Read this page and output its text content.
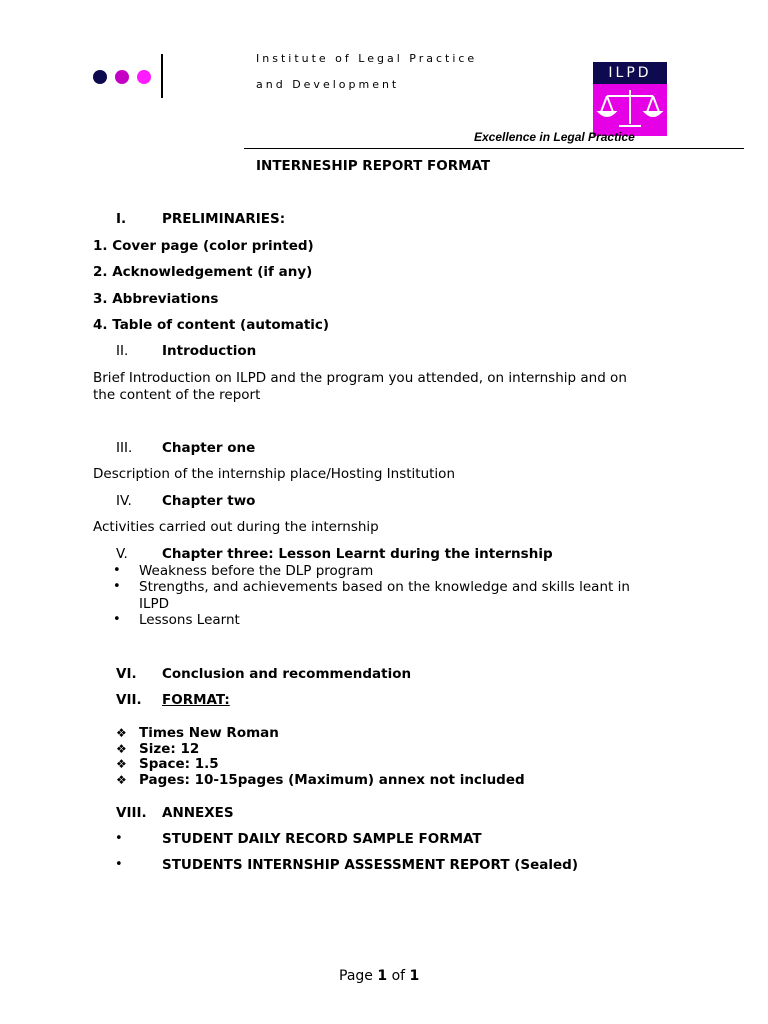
Institute of Legal Practice
and Development
ILPD
Excellence in Legal Practice
INTERNESHIP REPORT FORMAT
I.	PRELIMINARIES:
1. Cover page (color printed)
2. Acknowledgement (if any)
3. Abbreviations
4. Table of content (automatic)
II. Introduction
Brief Introduction on ILPD and the program you attended, on internship and on
the content of the report
III. Chapter one
Description of the internship place/Hosting Institution
IV. Chapter two
Activities carried out during the internship
V.	Chapter three: Lesson Learnt during the internship
• Weakness before the DLP program
• Strengths, and achievements based on the knowledge and skills leant in
ILPD
• Lessons Learnt
VI. Conclusion and recommendation
VII. FORMAT:
❖ Times New Roman
❖ Size: 12
❖ Space: 1.5
❖ Pages: 10-15pages (Maximum) annex not included
VIII. ANNEXES
•	STUDENT DAILY RECORD SAMPLE FORMAT
•	STUDENTS INTERNSHIP ASSESSMENT REPORT (Sealed)
Page 1 of 1
